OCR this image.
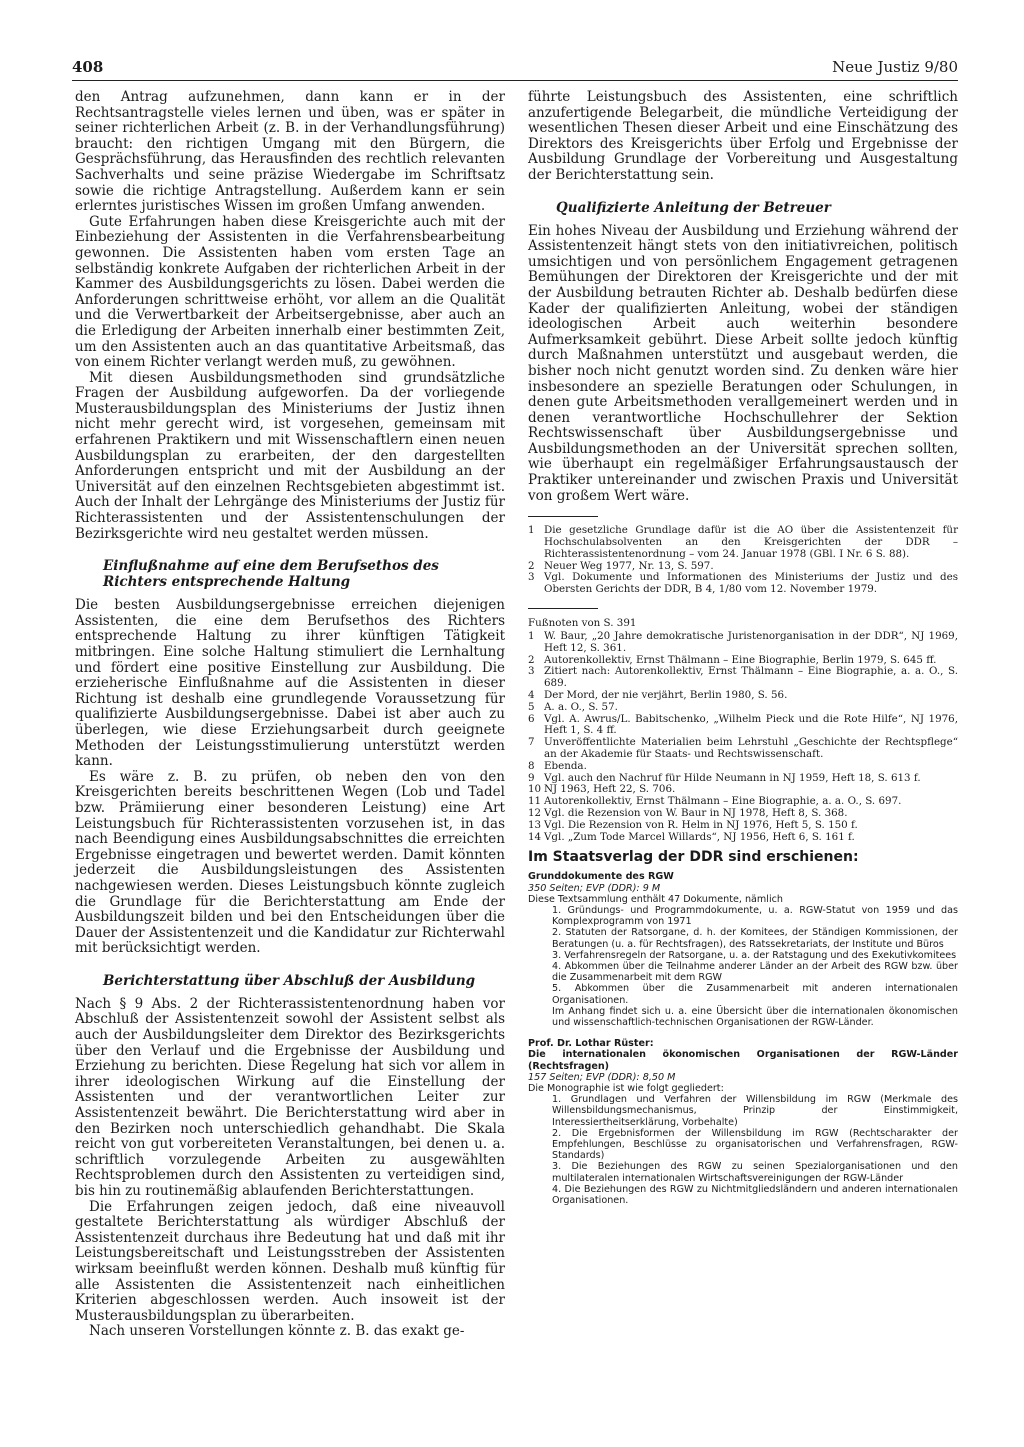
408	Neue Justiz 9/80

den Antrag aufzunehmen, dann kann er in der Rechtsantragstelle vieles lernen und üben, was er später in seiner richterlichen Arbeit (z. B. in der Verhandlungsführung) braucht: den richtigen Umgang mit den Bürgern, die Gesprächsführung, das Herausfinden des rechtlich relevanten Sachverhalts und seine präzise Wiedergabe im Schriftsatz sowie die richtige Antragstellung. Außerdem kann er sein erlerntes juristisches Wissen im großen Umfang anwenden.

Gute Erfahrungen haben diese Kreisgerichte auch mit der Einbeziehung der Assistenten in die Verfahrensbearbeitung gewonnen. Die Assistenten haben vom ersten Tage an selbständig konkrete Aufgaben der richterlichen Arbeit in der Kammer des Ausbildungsgerichts zu lösen. Dabei werden die Anforderungen schrittweise erhöht, vor allem an die Qualität und die Verwertbarkeit der Arbeitsergebnisse, aber auch an die Erledigung der Arbeiten innerhalb einer bestimmten Zeit, um den Assistenten auch an das quantitative Arbeitsmaß, das von einem Richter verlangt werden muß, zu gewöhnen.

Mit diesen Ausbildungsmethoden sind grundsätzliche Fragen der Ausbildung aufgeworfen. Da der vorliegende Musterausbildungsplan des Ministeriums der Justiz ihnen nicht mehr gerecht wird, ist vorgesehen, gemeinsam mit erfahrenen Praktikern und mit Wissenschaftlern einen neuen Ausbildungsplan zu erarbeiten, der den dargestellten Anforderungen entspricht und mit der Ausbildung an der Universität auf den einzelnen Rechtsgebieten abgestimmt ist. Auch der Inhalt der Lehrgänge des Ministeriums der Justiz für Richterassistenten und der Assistentenschulungen der Bezirksgerichte wird neu gestaltet werden müssen.

Einflußnahme auf eine dem Berufsethos des Richters entsprechende Haltung

Die besten Ausbildungsergebnisse erreichen diejenigen Assistenten, die eine dem Berufsethos des Richters entsprechende Haltung zu ihrer künftigen Tätigkeit mitbringen. Eine solche Haltung stimuliert die Lernhaltung und fördert eine positive Einstellung zur Ausbildung. Die erzieherische Einflußnahme auf die Assistenten in dieser Richtung ist deshalb eine grundlegende Voraussetzung für qualifizierte Ausbildungsergebnisse. Dabei ist aber auch zu überlegen, wie diese Erziehungsarbeit durch geeignete Methoden der Leistungsstimulierung unterstützt werden kann.

Es wäre z. B. zu prüfen, ob neben den von den Kreisgerichten bereits beschrittenen Wegen (Lob und Tadel bzw. Prämiierung einer besonderen Leistung) eine Art Leistungsbuch für Richterassistenten vorzusehen ist, in das nach Beendigung eines Ausbildungsabschnittes die erreichten Ergebnisse eingetragen und bewertet werden. Damit könnten jederzeit die Ausbildungsleistungen des Assistenten nachgewiesen werden. Dieses Leistungsbuch könnte zugleich die Grundlage für die Berichterstattung am Ende der Ausbildungszeit bilden und bei den Entscheidungen über die Dauer der Assistentenzeit und die Kandidatur zur Richterwahl mit berücksichtigt werden.

Berichterstattung über Abschluß der Ausbildung

Nach § 9 Abs. 2 der Richterassistentenordnung haben vor Abschluß der Assistentenzeit sowohl der Assistent selbst als auch der Ausbildungsleiter dem Direktor des Bezirksgerichts über den Verlauf und die Ergebnisse der Ausbildung und Erziehung zu berichten. Diese Regelung hat sich vor allem in ihrer ideologischen Wirkung auf die Einstellung der Assistenten und der verantwortlichen Leiter zur Assistentenzeit bewährt. Die Berichterstattung wird aber in den Bezirken noch unterschiedlich gehandhabt. Die Skala reicht von gut vorbereiteten Veranstaltungen, bei denen u. a. schriftlich vorzulegende Arbeiten zu ausgewählten Rechtsproblemen durch den Assistenten zu verteidigen sind, bis hin zu routinemäßig ablaufenden Berichterstattungen.

Die Erfahrungen zeigen jedoch, daß eine niveauvoll gestaltete Berichterstattung als würdiger Abschluß der Assistentenzeit durchaus ihre Bedeutung hat und daß mit ihr Leistungsbereitschaft und Leistungsstreben der Assistenten wirksam beeinflußt werden können. Deshalb muß künftig für alle Assistenten die Assistentenzeit nach einheitlichen Kriterien abgeschlossen werden. Auch insoweit ist der Musterausbildungsplan zu überarbeiten.

Nach unseren Vorstellungen könnte z. B. das exakt ge-

führte Leistungsbuch des Assistenten, eine schriftlich anzufertigende Belegarbeit, die mündliche Verteidigung der wesentlichen Thesen dieser Arbeit und eine Einschätzung des Direktors des Kreisgerichts über Erfolg und Ergebnisse der Ausbildung Grundlage der Vorbereitung und Ausgestaltung der Berichterstattung sein.

Qualifizierte Anleitung der Betreuer

Ein hohes Niveau der Ausbildung und Erziehung während der Assistentenzeit hängt stets von den initiativreichen, politisch umsichtigen und von persönlichem Engagement getragenen Bemühungen der Direktoren der Kreisgerichte und der mit der Ausbildung betrauten Richter ab. Deshalb bedürfen diese Kader der qualifizierten Anleitung, wobei der ständigen ideologischen Arbeit auch weiterhin besondere Aufmerksamkeit gebührt. Diese Arbeit sollte jedoch künftig durch Maßnahmen unterstützt und ausgebaut werden, die bisher noch nicht genutzt worden sind. Zu denken wäre hier insbesondere an spezielle Beratungen oder Schulungen, in denen gute Arbeitsmethoden verallgemeinert werden und in denen verantwortliche Hochschullehrer der Sektion Rechtswissenschaft über Ausbildungsergebnisse und Ausbildungsmethoden an der Universität sprechen sollten, wie überhaupt ein regelmäßiger Erfahrungsaustausch der Praktiker untereinander und zwischen Praxis und Universität von großem Wert wäre.

1 Die gesetzliche Grundlage dafür ist die AO über die Assistentenzeit für Hochschulabsolventen an den Kreisgerichten der DDR – Richterassistentenordnung – vom 24. Januar 1978 (GBl. I Nr. 6 S. 88).
2 Neuer Weg 1977, Nr. 13, S. 597.
3 Vgl. Dokumente und Informationen des Ministeriums der Justiz und des Obersten Gerichts der DDR, B 4, 1/80 vom 12. November 1979.
Fußnoten von S. 391
1 W. Baur, „20 Jahre demokratische Juristenorganisation in der DDR“, NJ 1969, Heft 12, S. 361.
2 Autorenkollektiv, Ernst Thälmann – Eine Biographie, Berlin 1979, S. 645 ff.
3 Zitiert nach: Autorenkollektiv, Ernst Thälmann – Eine Biographie, a. a. O., S. 689.
4 Der Mord, der nie verjährt, Berlin 1980, S. 56.
5 A. a. O., S. 57.
6 Vgl. A. Awrus/L. Babitschenko, „Wilhelm Pieck und die Rote Hilfe“, NJ 1976, Heft 1, S. 4 ff.
7 Unveröffentlichte Materialien beim Lehrstuhl „Geschichte der Rechtspflege“ an der Akademie für Staats- und Rechtswissenschaft.
8 Ebenda.
9 Vgl. auch den Nachruf für Hilde Neumann in NJ 1959, Heft 18, S. 613 f.
10 NJ 1963, Heft 22, S. 706.
11 Autorenkollektiv, Ernst Thälmann – Eine Biographie, a. a. O., S. 697.
12 Vgl. die Rezension von W. Baur in NJ 1978, Heft 8, S. 368.
13 Vgl. Die Rezension von R. Helm in NJ 1976, Heft 5, S. 150 f.
14 Vgl. „Zum Tode Marcel Willards“, NJ 1956, Heft 6, S. 161 f.
Im Staatsverlag der DDR sind erschienen:
Grunddokumente des RGW
350 Seiten; EVP (DDR): 9 M
Diese Textsammlung enthält 47 Dokumente, nämlich
1. Gründungs- und Programmdokumente, u. a. RGW-Statut von 1959 und das Komplexprogramm von 1971
2. Statuten der Ratsorgane, d. h. der Komitees, der Ständigen Kommissionen, der Beratungen (u. a. für Rechtsfragen), des Ratssekretariats, der Institute und Büros
3. Verfahrensregeln der Ratsorgane, u. a. der Ratstagung und des Exekutivkomitees
4. Abkommen über die Teilnahme anderer Länder an der Arbeit des RGW bzw. über die Zusammenarbeit mit dem RGW
5. Abkommen über die Zusammenarbeit mit anderen internationalen Organisationen.
Im Anhang findet sich u. a. eine Übersicht über die internationalen ökonomischen und wissenschaftlich-technischen Organisationen der RGW-Länder.
Prof. Dr. Lothar Rüster:
Die internationalen ökonomischen Organisationen der RGW-Länder (Rechtsfragen)
157 Seiten; EVP (DDR): 8,50 M
Die Monographie ist wie folgt gegliedert:
1. Grundlagen und Verfahren der Willensbildung im RGW (Merkmale des Willensbildungsmechanismus, Prinzip der Einstimmigkeit, Interessiertheitserklärung, Vorbehalte)
2. Die Ergebnisformen der Willensbildung im RGW (Rechtscharakter der Empfehlungen, Beschlüsse zu organisatorischen und Verfahrensfragen, RGW-Standards)
3. Die Beziehungen des RGW zu seinen Spezialorganisationen und den multilateralen internationalen Wirtschaftsvereinigungen der RGW-Länder
4. Die Beziehungen des RGW zu Nichtmitgliedsländern und anderen internationalen Organisationen.
